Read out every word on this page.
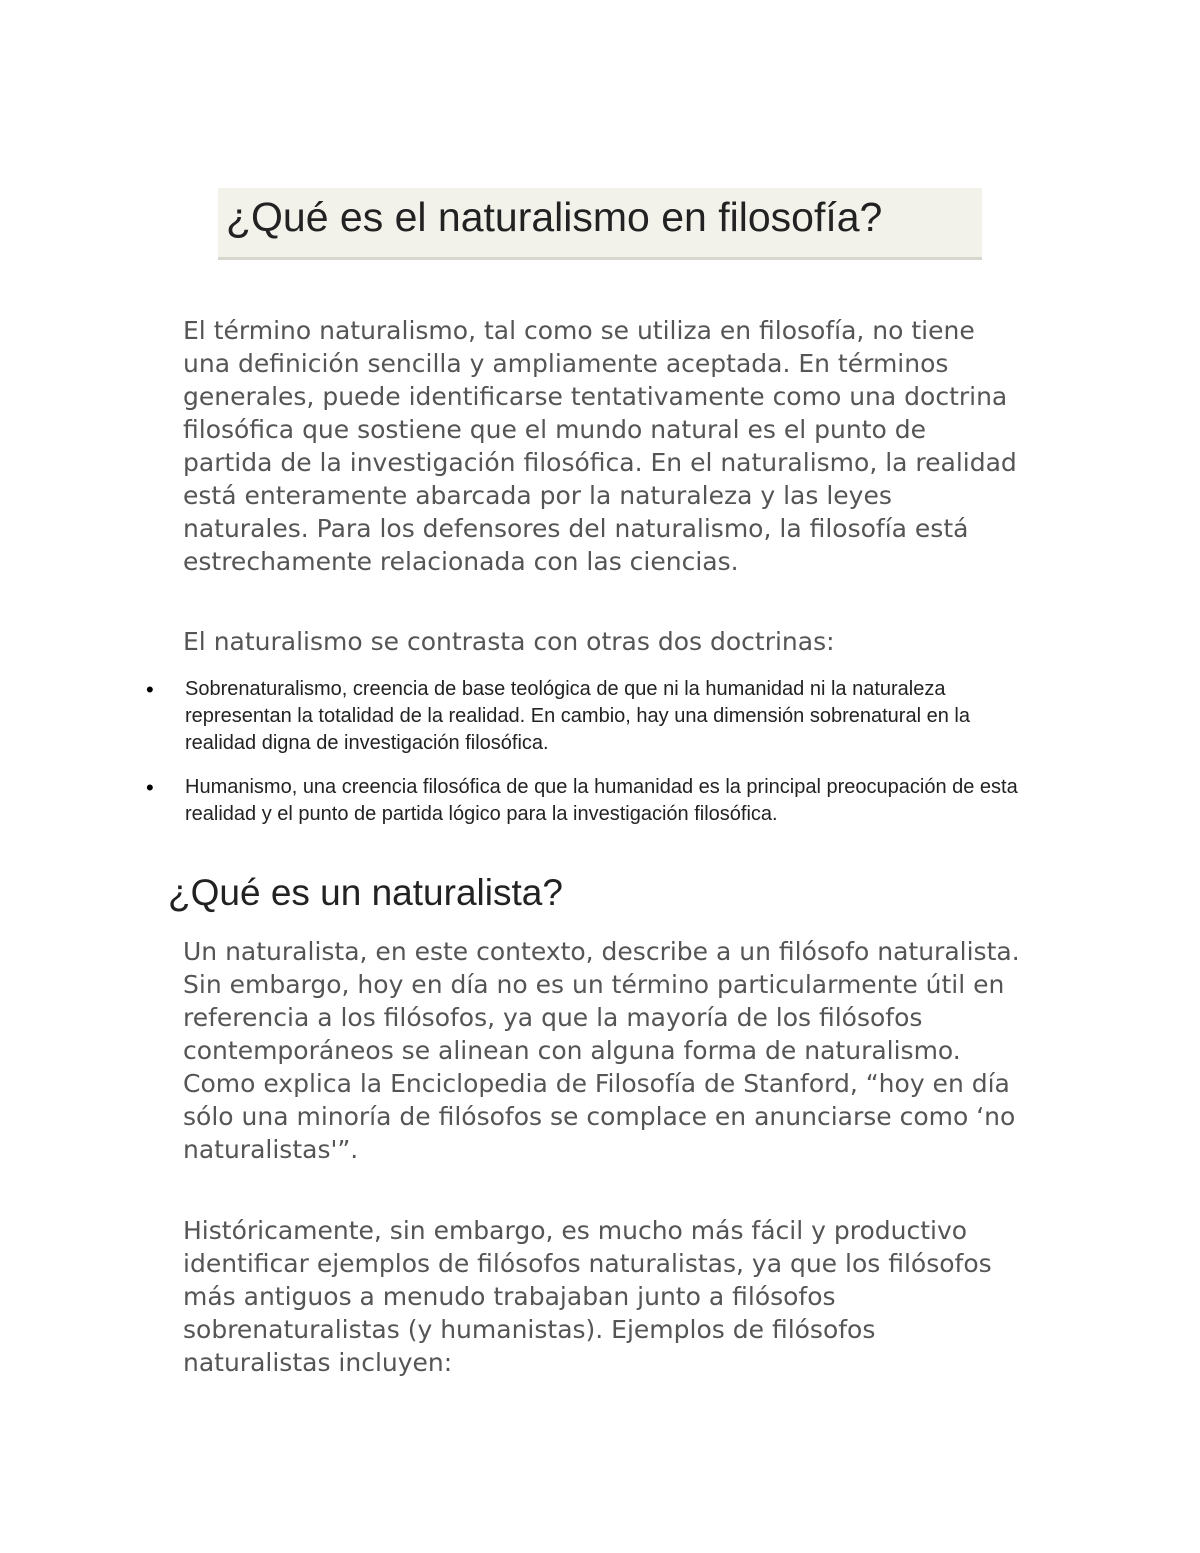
¿Qué es el naturalismo en filosofía?

El término naturalismo, tal como se utiliza en filosofía, no tiene una definición sencilla y ampliamente aceptada. En términos generales, puede identificarse tentativamente como una doctrina filosófica que sostiene que el mundo natural es el punto de partida de la investigación filosófica. En el naturalismo, la realidad está enteramente abarcada por la naturaleza y las leyes naturales. Para los defensores del naturalismo, la filosofía está estrechamente relacionada con las ciencias.

El naturalismo se contrasta con otras dos doctrinas:

• Sobrenaturalismo, creencia de base teológica de que ni la humanidad ni la naturaleza representan la totalidad de la realidad. En cambio, hay una dimensión sobrenatural en la realidad digna de investigación filosófica.
• Humanismo, una creencia filosófica de que la humanidad es la principal preocupación de esta realidad y el punto de partida lógico para la investigación filosófica.
¿Qué es un naturalista?

Un naturalista, en este contexto, describe a un filósofo naturalista. Sin embargo, hoy en día no es un término particularmente útil en referencia a los filósofos, ya que la mayoría de los filósofos contemporáneos se alinean con alguna forma de naturalismo. Como explica la Enciclopedia de Filosofía de Stanford, “hoy en día sólo una minoría de filósofos se complace en anunciarse como ‘no naturalistas'”.

Históricamente, sin embargo, es mucho más fácil y productivo identificar ejemplos de filósofos naturalistas, ya que los filósofos más antiguos a menudo trabajaban junto a filósofos sobrenaturalistas (y humanistas). Ejemplos de filósofos naturalistas incluyen:
